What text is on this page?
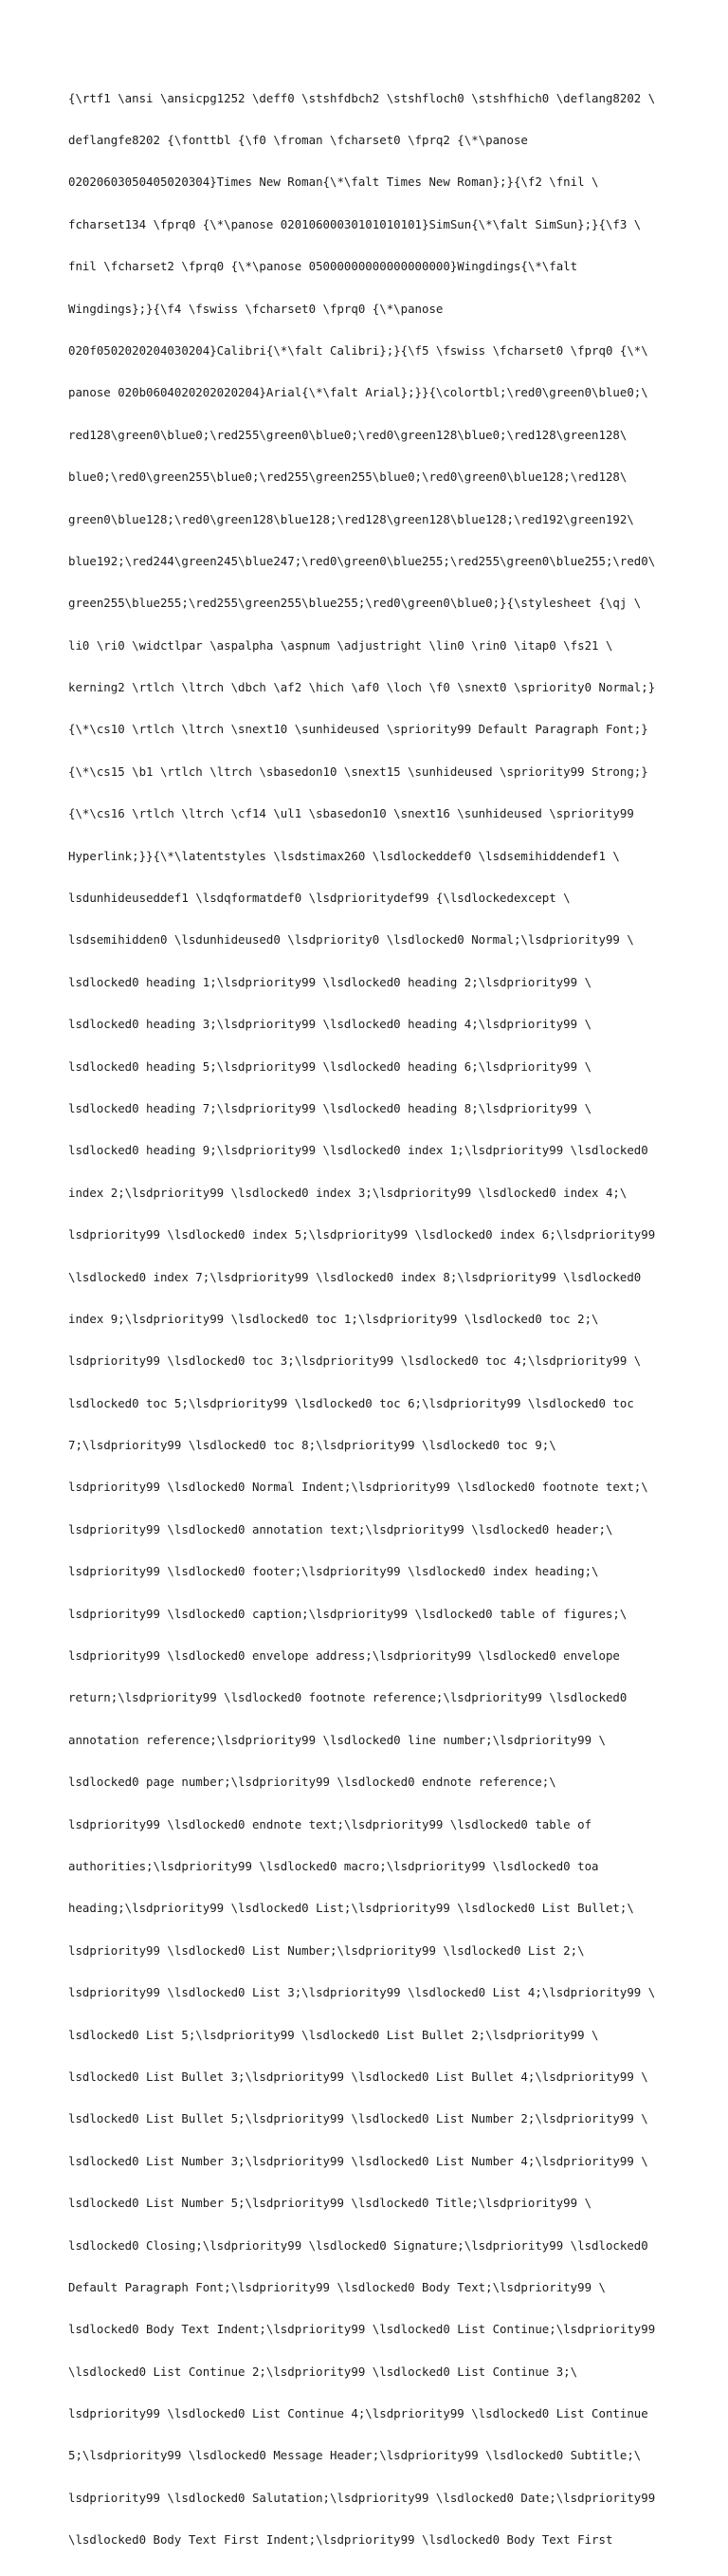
{\rtf1 \ansi \ansicpg1252 \deff0 \stshfdbch2 \stshfloch0 \stshfhich0 \deflang8202 \

deflangfe8202 {\fonttbl {\f0 \froman \fcharset0 \fprq2 {\*\panose

02020603050405020304}Times New Roman{\*\falt Times New Roman};}{\f2 \fnil \

fcharset134 \fprq0 {\*\panose 02010600030101010101}SimSun{\*\falt SimSun};}{\f3 \

fnil \fcharset2 \fprq0 {\*\panose 05000000000000000000}Wingdings{\*\falt

Wingdings};}{\f4 \fswiss \fcharset0 \fprq0 {\*\panose

020f0502020204030204}Calibri{\*\falt Calibri};}{\f5 \fswiss \fcharset0 \fprq0 {\*\

panose 020b0604020202020204}Arial{\*\falt Arial};}}{\colortbl;\red0\green0\blue0;\

red128\green0\blue0;\red255\green0\blue0;\red0\green128\blue0;\red128\green128\

blue0;\red0\green255\blue0;\red255\green255\blue0;\red0\green0\blue128;\red128\

green0\blue128;\red0\green128\blue128;\red128\green128\blue128;\red192\green192\

blue192;\red244\green245\blue247;\red0\green0\blue255;\red255\green0\blue255;\red0\

green255\blue255;\red255\green255\blue255;\red0\green0\blue0;}{\stylesheet {\qj \

li0 \ri0 \widctlpar \aspalpha \aspnum \adjustright \lin0 \rin0 \itap0 \fs21 \

kerning2 \rtlch \ltrch \dbch \af2 \hich \af0 \loch \f0 \snext0 \spriority0 Normal;}

{\*\cs10 \rtlch \ltrch \snext10 \sunhideused \spriority99 Default Paragraph Font;}

{\*\cs15 \b1 \rtlch \ltrch \sbasedon10 \snext15 \sunhideused \spriority99 Strong;}

{\*\cs16 \rtlch \ltrch \cf14 \ul1 \sbasedon10 \snext16 \sunhideused \spriority99

Hyperlink;}}{\*\latentstyles \lsdstimax260 \lsdlockeddef0 \lsdsemihiddendef1 \

lsdunhideuseddef1 \lsdqformatdef0 \lsdprioritydef99 {\lsdlockedexcept \

lsdsemihidden0 \lsdunhideused0 \lsdpriority0 \lsdlocked0 Normal;\lsdpriority99 \

lsdlocked0 heading 1;\lsdpriority99 \lsdlocked0 heading 2;\lsdpriority99 \

lsdlocked0 heading 3;\lsdpriority99 \lsdlocked0 heading 4;\lsdpriority99 \

lsdlocked0 heading 5;\lsdpriority99 \lsdlocked0 heading 6;\lsdpriority99 \

lsdlocked0 heading 7;\lsdpriority99 \lsdlocked0 heading 8;\lsdpriority99 \

lsdlocked0 heading 9;\lsdpriority99 \lsdlocked0 index 1;\lsdpriority99 \lsdlocked0

index 2;\lsdpriority99 \lsdlocked0 index 3;\lsdpriority99 \lsdlocked0 index 4;\

lsdpriority99 \lsdlocked0 index 5;\lsdpriority99 \lsdlocked0 index 6;\lsdpriority99

\lsdlocked0 index 7;\lsdpriority99 \lsdlocked0 index 8;\lsdpriority99 \lsdlocked0

index 9;\lsdpriority99 \lsdlocked0 toc 1;\lsdpriority99 \lsdlocked0 toc 2;\

lsdpriority99 \lsdlocked0 toc 3;\lsdpriority99 \lsdlocked0 toc 4;\lsdpriority99 \

lsdlocked0 toc 5;\lsdpriority99 \lsdlocked0 toc 6;\lsdpriority99 \lsdlocked0 toc

7;\lsdpriority99 \lsdlocked0 toc 8;\lsdpriority99 \lsdlocked0 toc 9;\

lsdpriority99 \lsdlocked0 Normal Indent;\lsdpriority99 \lsdlocked0 footnote text;\

lsdpriority99 \lsdlocked0 annotation text;\lsdpriority99 \lsdlocked0 header;\

lsdpriority99 \lsdlocked0 footer;\lsdpriority99 \lsdlocked0 index heading;\

lsdpriority99 \lsdlocked0 caption;\lsdpriority99 \lsdlocked0 table of figures;\

lsdpriority99 \lsdlocked0 envelope address;\lsdpriority99 \lsdlocked0 envelope

return;\lsdpriority99 \lsdlocked0 footnote reference;\lsdpriority99 \lsdlocked0

annotation reference;\lsdpriority99 \lsdlocked0 line number;\lsdpriority99 \

lsdlocked0 page number;\lsdpriority99 \lsdlocked0 endnote reference;\

lsdpriority99 \lsdlocked0 endnote text;\lsdpriority99 \lsdlocked0 table of

authorities;\lsdpriority99 \lsdlocked0 macro;\lsdpriority99 \lsdlocked0 toa

heading;\lsdpriority99 \lsdlocked0 List;\lsdpriority99 \lsdlocked0 List Bullet;\

lsdpriority99 \lsdlocked0 List Number;\lsdpriority99 \lsdlocked0 List 2;\

lsdpriority99 \lsdlocked0 List 3;\lsdpriority99 \lsdlocked0 List 4;\lsdpriority99 \

lsdlocked0 List 5;\lsdpriority99 \lsdlocked0 List Bullet 2;\lsdpriority99 \

lsdlocked0 List Bullet 3;\lsdpriority99 \lsdlocked0 List Bullet 4;\lsdpriority99 \

lsdlocked0 List Bullet 5;\lsdpriority99 \lsdlocked0 List Number 2;\lsdpriority99 \

lsdlocked0 List Number 3;\lsdpriority99 \lsdlocked0 List Number 4;\lsdpriority99 \

lsdlocked0 List Number 5;\lsdpriority99 \lsdlocked0 Title;\lsdpriority99 \

lsdlocked0 Closing;\lsdpriority99 \lsdlocked0 Signature;\lsdpriority99 \lsdlocked0

Default Paragraph Font;\lsdpriority99 \lsdlocked0 Body Text;\lsdpriority99 \

lsdlocked0 Body Text Indent;\lsdpriority99 \lsdlocked0 List Continue;\lsdpriority99

\lsdlocked0 List Continue 2;\lsdpriority99 \lsdlocked0 List Continue 3;\

lsdpriority99 \lsdlocked0 List Continue 4;\lsdpriority99 \lsdlocked0 List Continue

5;\lsdpriority99 \lsdlocked0 Message Header;\lsdpriority99 \lsdlocked0 Subtitle;\

lsdpriority99 \lsdlocked0 Salutation;\lsdpriority99 \lsdlocked0 Date;\lsdpriority99

\lsdlocked0 Body Text First Indent;\lsdpriority99 \lsdlocked0 Body Text First
